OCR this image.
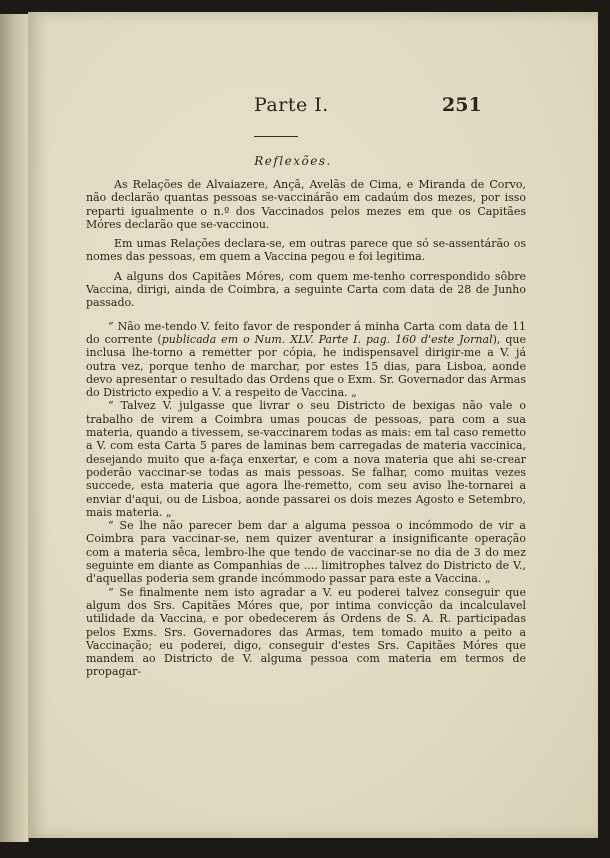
Parte I.	251
Reflexões.

As Relações de Alvaiazere, Ançã, Avelãs de Cima, e Miranda de Corvo, não declarão quantas pessoas se-vaccinárão em cadaúm dos mezes, por isso reparti igualmente o n.º dos Vaccinados pelos mezes em que os Capitães Móres declarão que se-vaccinou.

Em umas Relações declara-se, em outras parece que só se-assentárão os nomes das pessoas, em quem a Vaccina pegou e foi legitima.

A alguns dos Capitães Móres, com quem me-tenho correspondido sôbre Vaccina, dirigi, ainda de Coimbra, a seguinte Carta com data de 28 de Junho passado.

“ Não me-tendo V. feito favor de responder á minha Carta com data de 11 do corrente (publicada em o Num. XLV. Parte I. pag. 160 d'este Jornal), que inclusa lhe-torno a remetter por cópia, he indispensavel dirigir-me a V. já outra vez, porque tenho de marchar, por estes 15 dias, para Lisboa, aonde devo apresentar o resultado das Ordens que o Exm. Sr. Governador das Armas do Districto expedio a V. a respeito de Vaccina. „

“ Talvez V. julgasse que livrar o seu Districto de bexigas não vale o trabalho de virem a Coimbra umas poucas de pessoas, para com a sua materia, quando a tivessem, se-vaccinarem todas as mais: em tal caso remetto a V. com esta Carta 5 pares de laminas bem carregadas de materia vaccinica, desejando muito que a-faça enxertar, e com a nova materia que ahi se-crear poderão vaccinar-se todas as mais pessoas. Se falhar, como muitas vezes succede, esta materia que agora lhe-remetto, com seu aviso lhe-tornarei a enviar d'aqui, ou de Lisboa, aonde passarei os dois mezes Agosto e Setembro, mais materia. „

“ Se lhe não parecer bem dar a alguma pessoa o incómmodo de vir a Coimbra para vaccinar-se, nem quizer aventurar a insignificante operação com a materia sêca, lembro-lhe que tendo de vaccinar-se no dia de 3 do mez seguinte em diante as Companhias de .... limitrophes talvez do Districto de V., d'aquellas poderia sem grande incómmodo passar para este a Vaccina. „

“ Se finalmente nem isto agradar a V. eu poderei talvez conseguir que algum dos Srs. Capitães Móres que, por intima convicção da incalculavel utilidade da Vaccina, e por obedecerem ás Ordens de S. A. R. participadas pelos Exms. Srs. Governadores das Armas, tem tomado muito a peito a Vaccinação; eu poderei, digo, conseguir d'estes Srs. Capitães Móres que mandem ao Districto de V. alguma pessoa com materia em termos de propagar-
